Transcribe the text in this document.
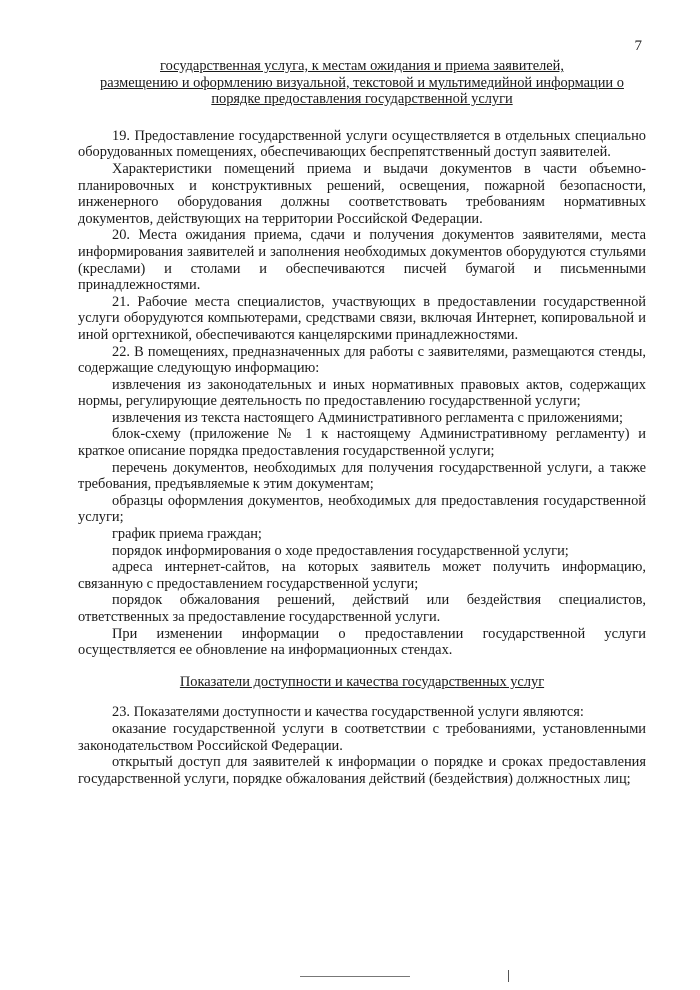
7

государственная услуга, к местам ожидания и приема заявителей,

размещению и оформлению визуальной, текстовой и мультимедийной информации о

порядке предоставления государственной услуги

19. Предоставление государственной услуги осуществляется в отдельных специально оборудованных помещениях, обеспечивающих беспрепятственный доступ заявителей.

Характеристики помещений приема и выдачи документов в части объемно-планировочных и конструктивных решений, освещения, пожарной безопасности, инженерного оборудования должны соответствовать требованиям нормативных документов, действующих на территории Российской Федерации.

20. Места ожидания приема, сдачи и получения документов заявителями, места информирования заявителей и заполнения необходимых документов оборудуются стульями (креслами) и столами и обеспечиваются писчей бумагой и письменными принадлежностями.

21. Рабочие места специалистов, участвующих в предоставлении государственной услуги оборудуются компьютерами, средствами связи, включая Интернет, копировальной и иной оргтехникой, обеспечиваются канцелярскими принадлежностями.

22. В помещениях, предназначенных для работы с заявителями, размещаются стенды, содержащие следующую информацию:

извлечения из законодательных и иных нормативных правовых актов, содержащих нормы, регулирующие деятельность по предоставлению государственной услуги;

извлечения из текста настоящего Административного регламента с приложениями;

блок-схему (приложение № 1 к настоящему Административному регламенту) и краткое описание порядка предоставления государственной услуги;

перечень документов, необходимых для получения государственной услуги, а также требования, предъявляемые к этим документам;

образцы оформления документов, необходимых для предоставления государственной услуги;

график приема граждан;

порядок информирования о ходе предоставления государственной услуги;

адреса интернет-сайтов, на которых заявитель может получить информацию, связанную с предоставлением государственной услуги;

порядок обжалования решений, действий или бездействия специалистов, ответственных за предоставление государственной услуги.

При изменении информации о предоставлении государственной услуги осуществляется ее обновление на информационных стендах.

Показатели доступности и качества государственных услуг

23. Показателями доступности и качества государственной услуги являются:

оказание государственной услуги в соответствии с требованиями, установленными законодательством Российской Федерации.

открытый доступ для заявителей к информации о порядке и сроках предоставления государственной услуги, порядке обжалования действий (бездействия) должностных лиц;
